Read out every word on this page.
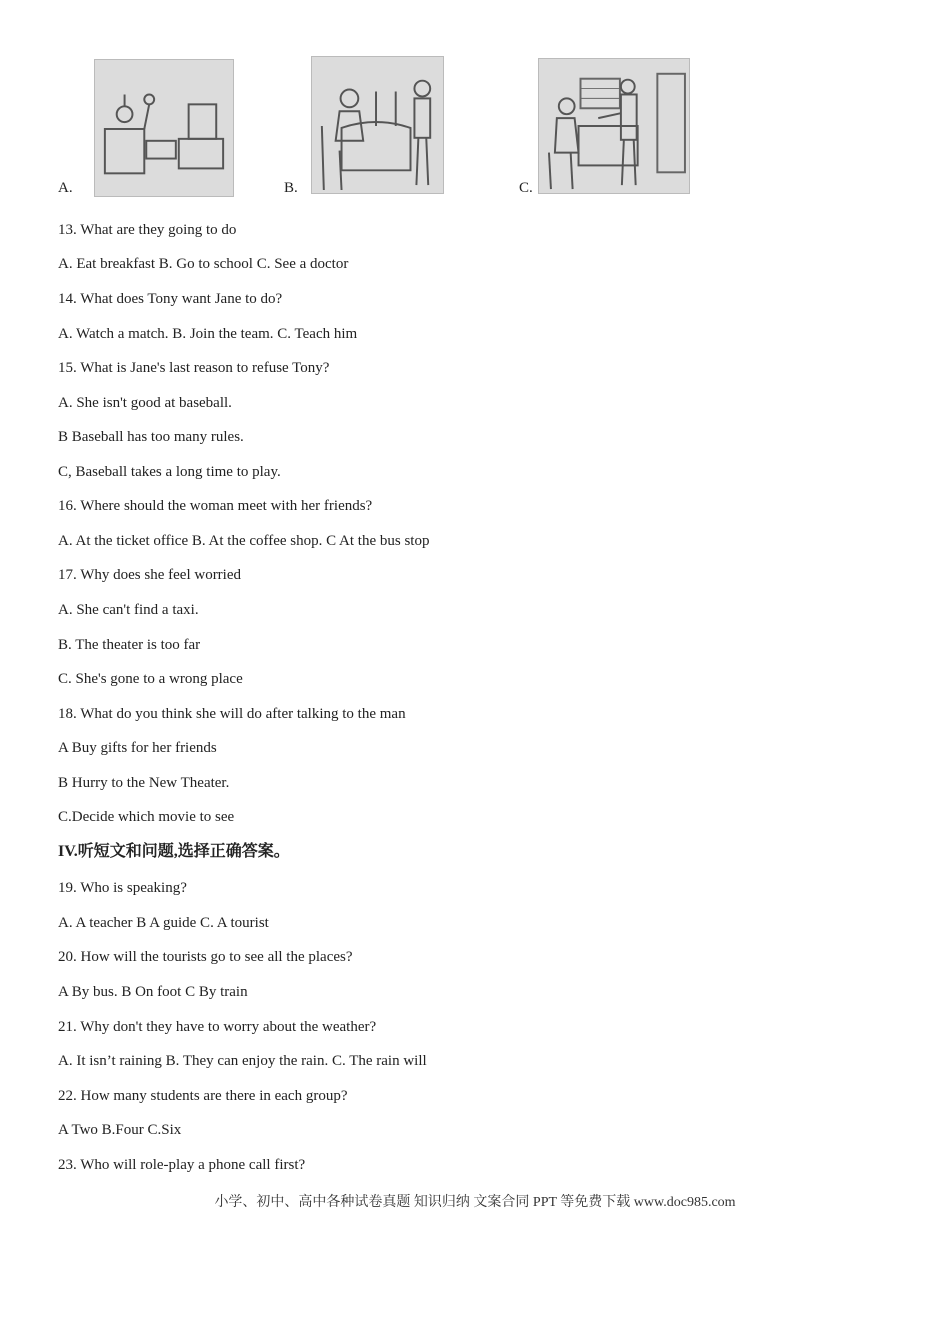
A.	B.	C.
13. What are they going to do
A. Eat breakfast B. Go to school C. See a doctor
14. What does Tony want Jane to do?
A. Watch a match. B. Join the team. C. Teach him
15. What is Jane's last reason to refuse Tony?
A. She isn't good at baseball.
B Baseball has too many rules.
C, Baseball takes a long time to play.
16. Where should the woman meet with her friends?
A. At the ticket office B. At the coffee shop. C At the bus stop
17. Why does she feel worried
A. She can't find a taxi.
B. The theater is too far
C. She's gone to a wrong place
18. What do you think she will do after talking to the man
A Buy gifts for her friends
B Hurry to the New Theater.
C.Decide which movie to see
IV.听短文和问题,选择正确答案。
19. Who is speaking?
A. A teacher B A guide C. A tourist
20. How will the tourists go to see all the places?
A By bus. B On foot C By train
21. Why don't they have to worry about the weather?
A. It isn’t raining B. They can enjoy the rain. C. The rain will
22. How many students are there in each group?
A Two B.Four C.Six
23. Who will role-play a phone call first?
小学、初中、高中各种试卷真题 知识归纳 文案合同 PPT 等免费下载 www.doc985.com
